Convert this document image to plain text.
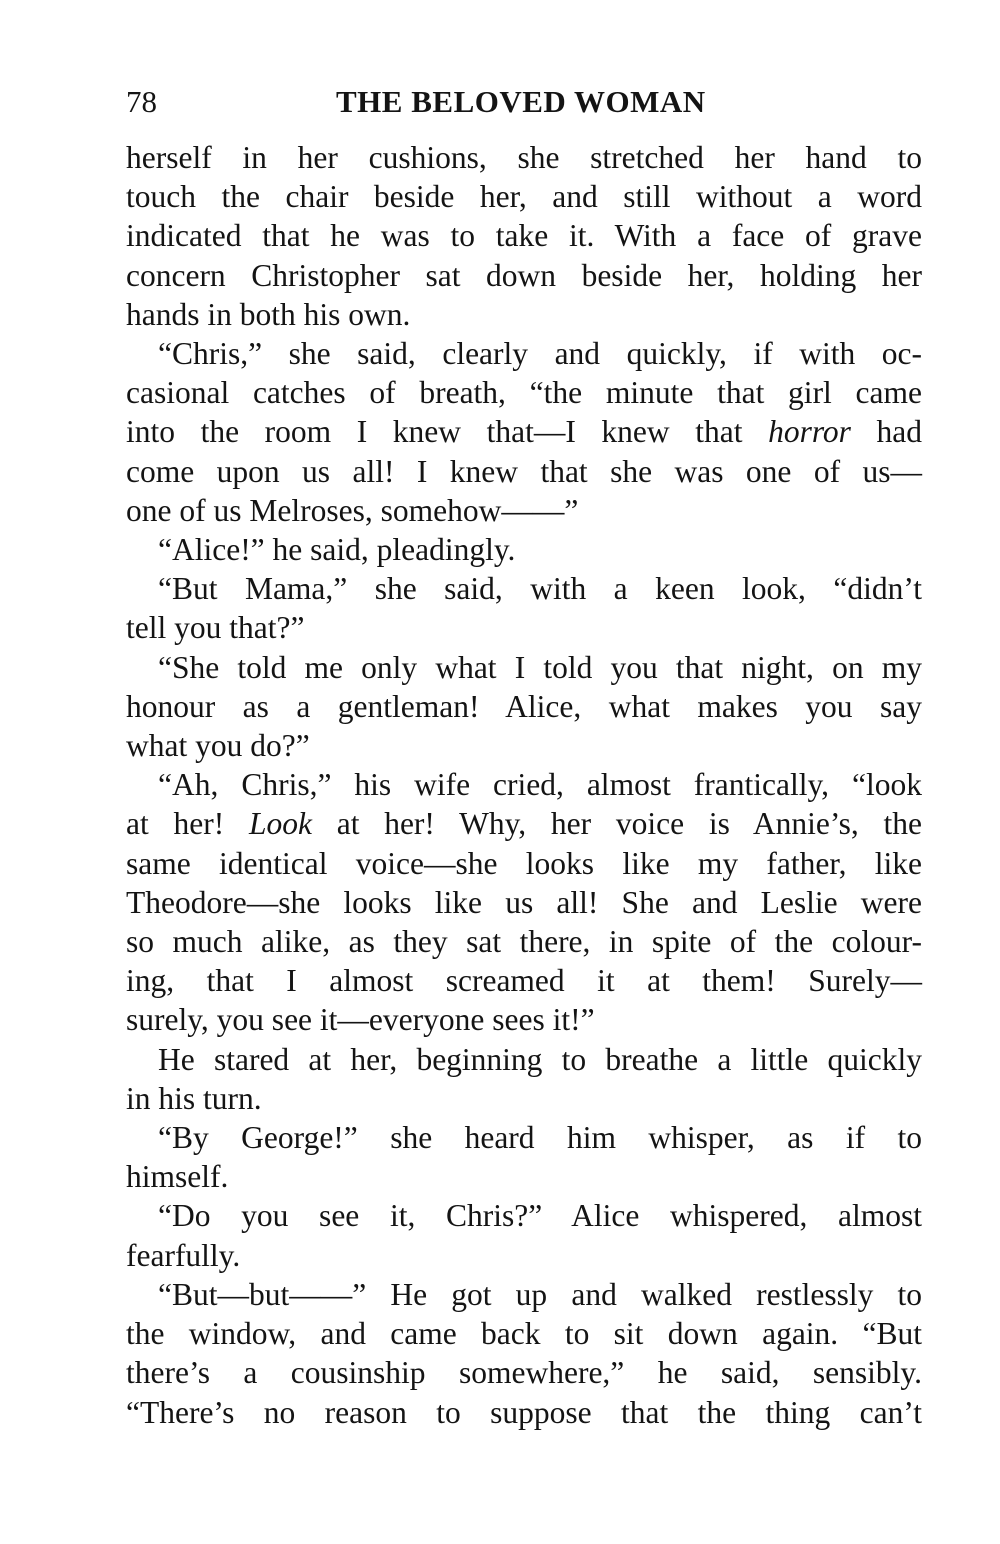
78	THE BELOVED WOMAN
herself in her cushions, she stretched her hand to
touch the chair beside her, and still without a word
indicated that he was to take it. With a face of grave
concern Christopher sat down beside her, holding her
hands in both his own.
“Chris,” she said, clearly and quickly, if with oc-
casional catches of breath, “the minute that girl came
into the room I knew that—I knew that horror had
come upon us all! I knew that she was one of us—
one of us Melroses, somehow——”
“Alice!” he said, pleadingly.
“But Mama,” she said, with a keen look, “didn’t
tell you that?”
“She told me only what I told you that night, on my
honour as a gentleman! Alice, what makes you say
what you do?”
“Ah, Chris,” his wife cried, almost frantically, “look
at her! Look at her! Why, her voice is Annie’s, the
same identical voice—she looks like my father, like
Theodore—she looks like us all! She and Leslie were
so much alike, as they sat there, in spite of the colour-
ing, that I almost screamed it at them! Surely—
surely, you see it—everyone sees it!”
He stared at her, beginning to breathe a little quickly
in his turn.
“By George!” she heard him whisper, as if to
himself.
“Do you see it, Chris?” Alice whispered, almost
fearfully.
“But—but——” He got up and walked restlessly to
the window, and came back to sit down again. “But
there’s a cousinship somewhere,” he said, sensibly.
“There’s no reason to suppose that the thing can’t
